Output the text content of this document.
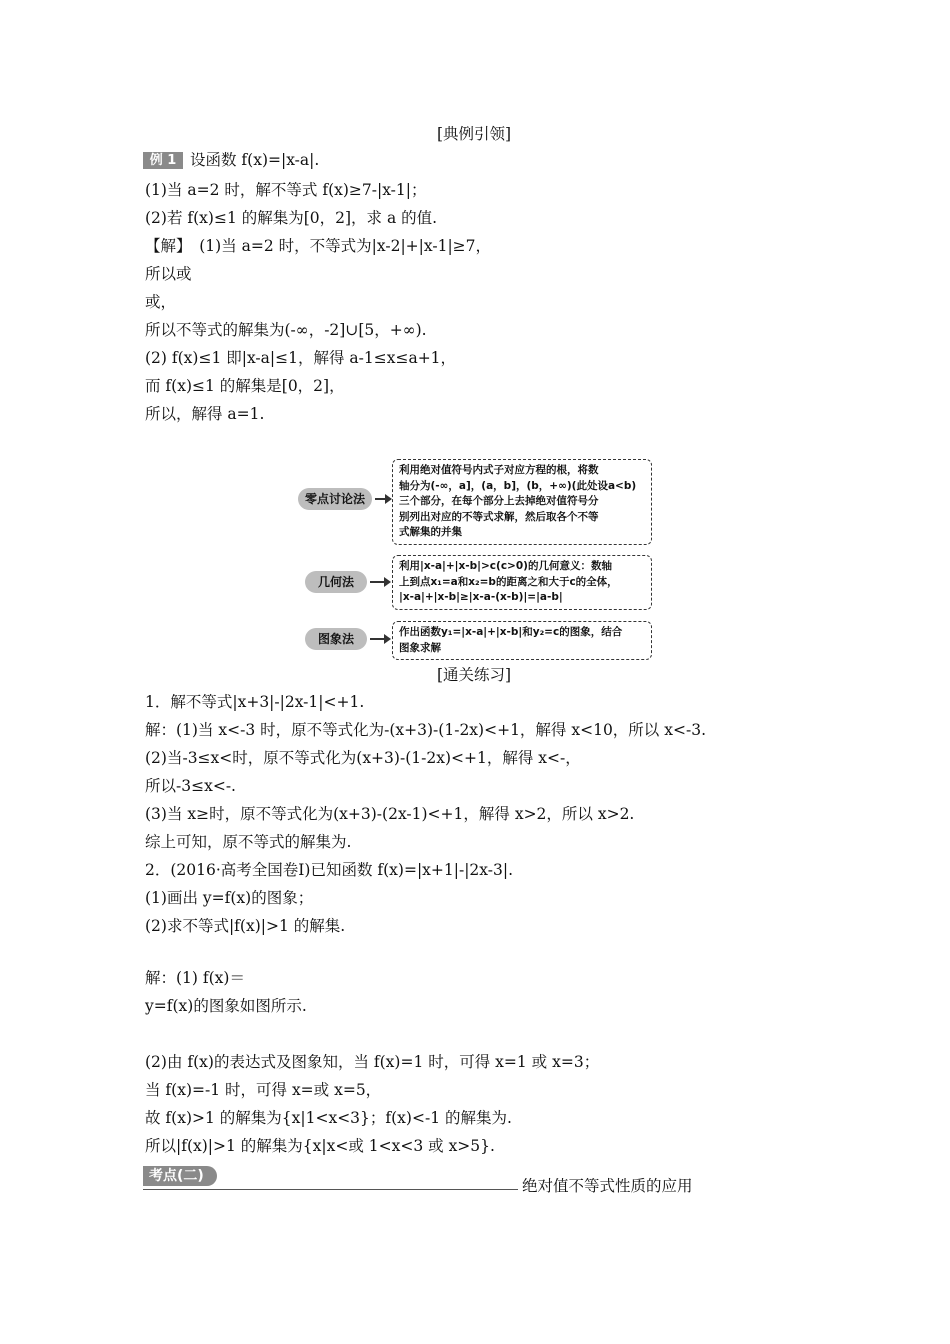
[典例引领]
例 1 设函数 f(x)=|x-a|.
(1)当 a=2 时，解不等式 f(x)≥7-|x-1|；
(2)若 f(x)≤1 的解集为[0，2]，求 a 的值.
【解】　(1)当 a=2 时，不等式为|x-2|+|x-1|≥7，
所以或
或，
所以不等式的解集为(-∞，-2]∪[5，+∞).
(2) f(x)≤1 即|x-a|≤1，解得 a-1≤x≤a+1，
而 f(x)≤1 的解集是[0，2]，
所以，解得 a=1.
零点讨论法
利用绝对值符号内式子对应方程的根，将数
轴分为(-∞，a]，(a，b]，(b，+∞)(此处设a<b)
三个部分，在每个部分上去掉绝对值符号分
别列出对应的不等式求解，然后取各个不等
式解集的并集
几何法
利用|x-a|+|x-b|>c(c>0)的几何意义：数轴
上到点x₁=a和x₂=b的距离之和大于c的全体，
|x-a|+|x-b|≥|x-a-(x-b)|=|a-b|
图象法	作出函数y₁=|x-a|+|x-b|和y₂=c的图象，结合
图象求解
[通关练习]
1．解不等式|x+3|-|2x-1|<+1.
解：(1)当 x<-3 时，原不等式化为-(x+3)-(1-2x)<+1，解得 x<10，所以 x<-3.
(2)当-3≤x<时，原不等式化为(x+3)-(1-2x)<+1，解得 x<-，
所以-3≤x<-.
(3)当 x≥时，原不等式化为(x+3)-(2x-1)<+1，解得 x>2，所以 x>2.
综上可知，原不等式的解集为.
2．(2016·高考全国卷Ⅰ)已知函数 f(x)=|x+1|-|2x-3|.
(1)画出 y=f(x)的图象；
(2)求不等式|f(x)|>1 的解集.
解：(1) f(x)＝
y=f(x)的图象如图所示.
(2)由 f(x)的表达式及图象知，当 f(x)=1 时，可得 x=1 或 x=3；
当 f(x)=-1 时，可得 x=或 x=5，
故 f(x)>1 的解集为{x|1<x<3}；f(x)<-1 的解集为.
所以|f(x)|>1 的解集为{x|x<或 1<x<3 或 x>5}.
考点(二)
绝对值不等式性质的应用
